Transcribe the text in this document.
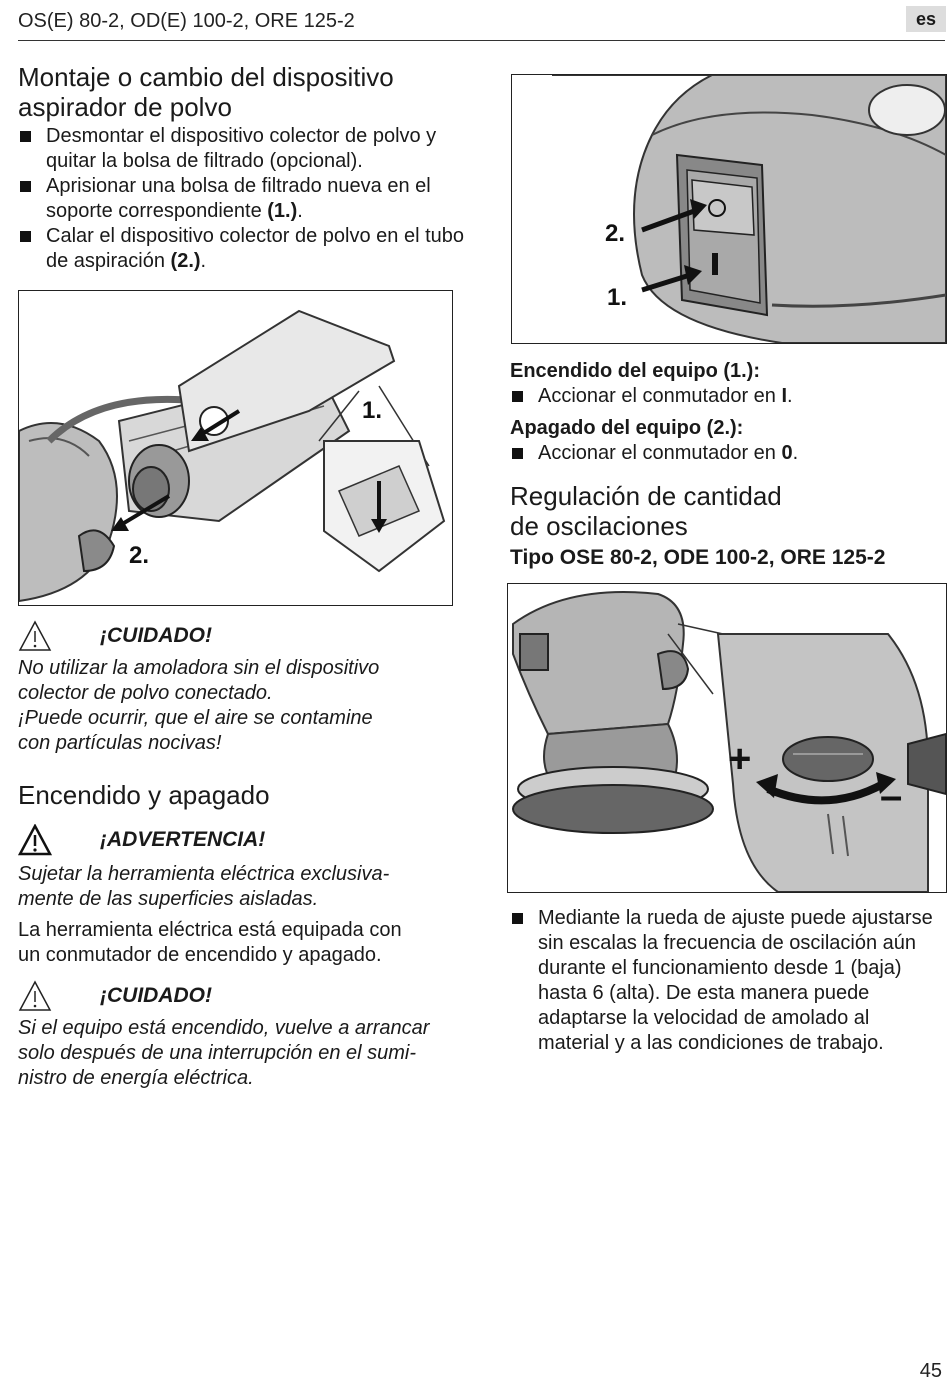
OS(E) 80-2, OD(E) 100-2, ORE 125-2	es
Montaje o cambio del dispositivo
aspirador de polvo
Desmontar el dispositivo colector de polvo y quitar la bolsa de filtrado (opcional).
Aprisionar una bolsa de filtrado nueva en el soporte correspondiente (1.).
Calar el dispositivo colector de polvo en el tubo de aspiración (2.).
1.
2.
2.
1.
Encendido del equipo (1.):
Accionar el conmutador en I.
Apagado del equipo (2.):
Accionar el conmutador en 0.
Regulación de cantidad
de oscilaciones
Tipo OSE 80-2, ODE 100-2, ORE 125-2
+
–
Mediante la rueda de ajuste puede ajustarse sin escalas la frecuencia de oscilación aún durante el funcionamiento desde 1 (baja) hasta 6 (alta). De esta manera puede adaptarse la velocidad de amolado al material y a las condiciones de trabajo.
¡CUIDADO!
No utilizar la amoladora sin el dispositivo
colector de polvo conectado.
¡Puede ocurrir, que el aire se contamine
con partículas nocivas!
Encendido y apagado
¡ADVERTENCIA!
Sujetar la herramienta eléctrica exclusiva-
mente de las superficies aisladas.
La herramienta eléctrica está equipada con
un conmutador de encendido y apagado.
¡CUIDADO!
Si el equipo está encendido, vuelve a arrancar
solo después de una interrupción en el sumi-
nistro de energía eléctrica.
45
